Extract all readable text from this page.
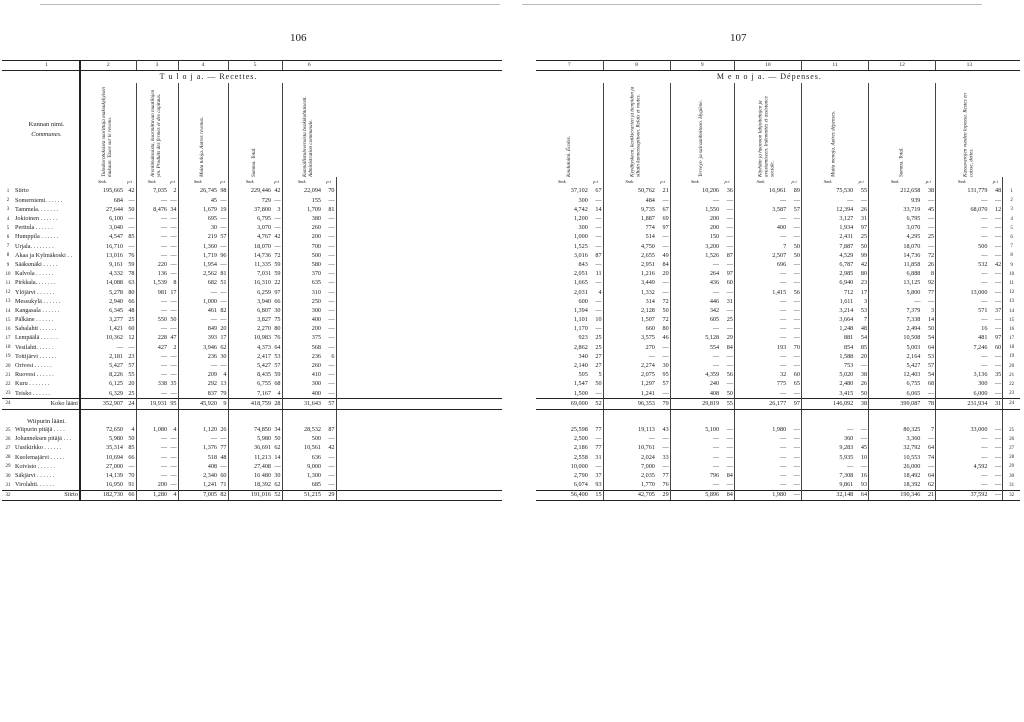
106
	1	2		3		4		5		6		
		T u l o j a. — Recettes.										

	Kunnan nimi.
Communes.	Tuloskorotuksista suorittaja maksukykyisen mukaan. Taxes sur le revenu.		Arentimaksuista, kuormittavan maatilojen ym. Produits des fermes et des capitaux.		Muita tuloja. Autres revenus.		Summa. Total.		Kunnallistuloveroista henkikohtaisesti. Administration communale.		
		Smk.	p:i	Smk.	p:i	Smk.	p:i	Smk.	p:i	Smk.	p:i	
1	Siirto	195,665	42	7,035	2	26,745	98	229,446	42	22,094	70	
2	Somerniemi. . . . . .	684	—	—	—	45	—	729	—	155	—	
3	Tammela. . . . . . .	27,644	50	8,476	34	1,679	19	37,800	3	1,709	81	
4	Jokioinen . . . . . .	6,100	—	—	—	695	—	6,795	—	380	—	
5	Perttula . . . . . .	3,040	—	—	—	30	—	3,070	—	260	—	
6	Humppila . . . . . .	4,547	85	—	—	219	57	4,767	42	200	—	
7	Urjala. . . . . . . .	16,710	—	—	—	1,360	—	18,070	—	700	—	
8	Akaa ja Kylmäkoski . .	13,016	76	—	—	1,719	96	14,736	72	500	—	
9	Sääksmäki . . . . .	9,161	59	220	—	1,954	—	11,335	59	580	—	
10	Kalvola . . . . . .	4,332	78	136	—	2,562	81	7,031	59	370	—	
11	Pirkkala. . . . . . .	14,088	63	1,539	8	682	51	16,310	22	635	—	
12	Ylöjärvi . . . . . .	5,278	80	981	17	—	—	6,259	97	310	—	
13	Messukylä . . . . . .	2,940	66	—	—	1,000	—	3,940	66	250	—	
14	Kangasala . . . . . .	6,345	48	—	—	461	82	6,807	30	300	—	
15	Pälkäne . . . . . .	3,277	25	550	50	—	—	3,827	75	400	—	
16	Sahalahti . . . . . .	1,421	60	—	—	849	20	2,270	80	200	—	
17	Lempäälä . . . . . .	10,362	12	228	47	393	17	10,983	76	375	—	
18	Vesilahti. . . . . .	—	—	427	2	3,946	62	4,373	64	568	—	
19	Tottijärvi . . . . . .	2,181	23	—	—	236	30	2,417	53	236	6	
20	Orivesi . . . . . .	5,427	57	—	—	—	—	5,427	57	260	—	
21	Ruovesi . . . . . .	8,226	55	—	—	209	4	8,435	59	410	—	
22	Kuru . . . . . . .	6,125	20	338	35	292	13	6,755	68	300	—	
23	Teisko . . . . . .	6,329	25	—	—	837	79	7,167	4	400	—	
24	Koko lääni	352,907	24	19,931	95	45,920	9	418,759	28	31,643	57	
	Wiipurin lääni.											
25	Wiipurin pitäjä . . . .	72,650	4	1,080	4	1,120	26	74,850	34	28,532	87	
26	Johanneksen pitäjä . . .	5,980	50	—	—	—	—	5,980	50	500	—	
27	Uusikirkko . . . . . .	35,314	85	—	—	1,376	77	36,691	62	10,561	42	
28	Kuolemajärvi . . . . .	10,694	66	—	—	518	48	11,213	14	636	—	
29	Koivisto . . . . . .	27,000	—	—	—	408	—	27,408	—	9,000	—	
30	Säkjärvi . . . . . .	14,139	70	—	—	2,340	60	16 480	30	1,300	—	
31	Virolahti. . . . . .	16,950	91	200	—	1,241	71	18,392	62	685	—	
32	Siirto	182,730	66	1,280	4	7,005	82	191,016	52	51,215	29	
107
7		8		9		10		11		12		13		
M e n o j a. — Dépenses.														
Koulutoimi. Écoles.		Kyydityskeen, kestikievarien ja tienpidon ja siltain kunnossapitoon. Relais et routes.		Terveys- ja sairaanhoitoon. Hygiène.		Köyhäin ja huonoon lahjoitettujen ja avustamiseen. Indemnités et assistance sociale.		Muita menoja. Autres dépenses.		Summa. Total.		Kassavarojen vuoden lopussa. Restes en caisse, dettes.		
Smk.	p:i	Smk.	p:i	Smk.	p:i	Smk.	p:i	Smk.	p:i	Smk.	p:i	Smk.	p:i	
37,102	67	50,762	21	10,206	36	16,961	89	75,530	55	212,658	38	131,779	48	1
300	—	484	—	—	—	—	—	—	—	939	—	—	—	2
4,742	14	9,735	67	1,550	—	3,587	57	12,394	26	33,719	45	68,070	12	3
1,200	—	1,887	69	200	—	—	—	3,127	31	6,795	—	—	—	4
300	—	774	97	200	—	400	—	1,934	97	3,070	—	—	—	5
1,000	—	514	—	150	—	—	—	2,431	25	4,295	25	—	—	6
1,525	—	4,750	—	3,200	—	7	50	7,887	50	18,070	—	500	—	7
3,016	87	2,655	49	1,526	87	2,507	50	4,529	99	14,736	72	—	—	8
843	—	2,951	84	—	—	696	—	6,787	42	11,858	26	532	42	9
2,051	11	1,216	20	264	97	—	—	2,985	80	6,888	8	—	—	10
1,665	—	3,449	—	436	60	—	—	6,940	23	13,125	92	—	—	11
2,031	4	1,332	—	—	—	1,415	56	712	17	5,800	77	13,000	—	12
600	—	314	72	446	31	—	—	1,611	3	—	—	—	—	13
1,394	—	2,128	50	342	—	—	—	3,214	53	7,379	3	571	37	14
1,101	10	1,507	72	605	25	—	—	3,664	7	7,338	14	—	—	15
1,170	—	660	80	—	—	—	—	1,248	48	2,494	50	16	—	16
923	25	3,575	46	5,128	29	—	—	881	54	10,508	54	481	97	17
2,862	25	270	—	554	84	193	70	854	85	5,003	64	7,246	60	18
340	27	—	—	—	—	—	—	1,588	20	2,164	53	—	—	19
2,140	27	2,274	30	—	—	—	—	753	—	5,427	57	—	—	20
505	5	2,075	95	4,359	56	32	60	5,020	38	12,403	54	3,136	35	21
1,547	50	1,297	57	240	—	775	65	2,480	26	6,755	68	300	—	22
1,500	—	1,241	—	408	50	—	—	3,415	50	6,065	—	6,000	—	23
69,000	52	96,353	79	29,819	55	26,177	97	146,092	38	399,087	78	231,934	31	24

25,598	77	19,113	43	5,100	—	1,980	—	—	—	80,325	7	33,000	—	25
2,500	—	—	—	—	—	—	—	360	—	3,360	—	—	—	26
2,186	77	10,761	—	—	—	—	—	9,283	45	32,792	64	—	—	27
2,558	31	2,024	33	—	—	—	—	5,935	10	10,553	74	—	—	28
10,000	—	7,000	—	—	—	—	—	—	—	26,000	—	4,592	—	29
2,790	37	2,035	77	796	84	—	—	7,308	16	18,492	64	—	—	30
6,074	93	1,770	76	—	—	—	—	9,861	93	18,392	62	—	—	31
56,400	15	42,705	29	5,896	84	1,980	—	32,148	64	190,346	21	37,592	—	32
